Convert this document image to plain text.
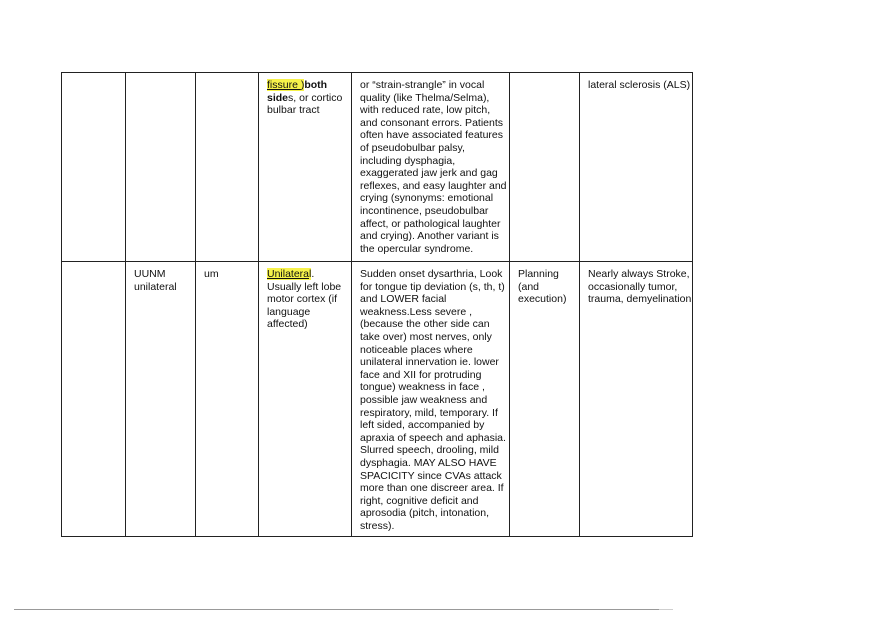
			fissure )both sides, or cortico bulbar tract	or “strain-strangle” in vocal quality (like Thelma/Selma), with reduced rate, low pitch, and consonant errors. Patients often have associated features of pseudobulbar palsy, including dysphagia, exaggerated jaw jerk and gag reflexes, and easy laughter and crying (synonyms: emotional incontinence, pseudobulbar affect, or pathological laughter and crying). Another variant is the opercular syndrome.		lateral sclerosis (ALS)
	UUNM unilateral	um	Unilateral. Usually left lobe motor cortex (if language affected)	Sudden onset dysarthria, Look for tongue tip deviation (s, th, t) and LOWER facial weakness.Less severe , (because the other side can take over) most nerves, only noticeable places where unilateral innervation ie. lower face and XII for protruding tongue) weakness in face , possible jaw weakness and respiratory, mild, temporary. If left sided, accompanied by apraxia of speech and aphasia. Slurred speech, drooling, mild dysphagia. MAY ALSO HAVE SPACICITY since CVAs attack more than one discreer area. If right, cognitive deficit and aprosodia (pitch, intonation, stress).	Planning (and execution)	Nearly always Stroke, occasionally tumor, trauma, demyelination
